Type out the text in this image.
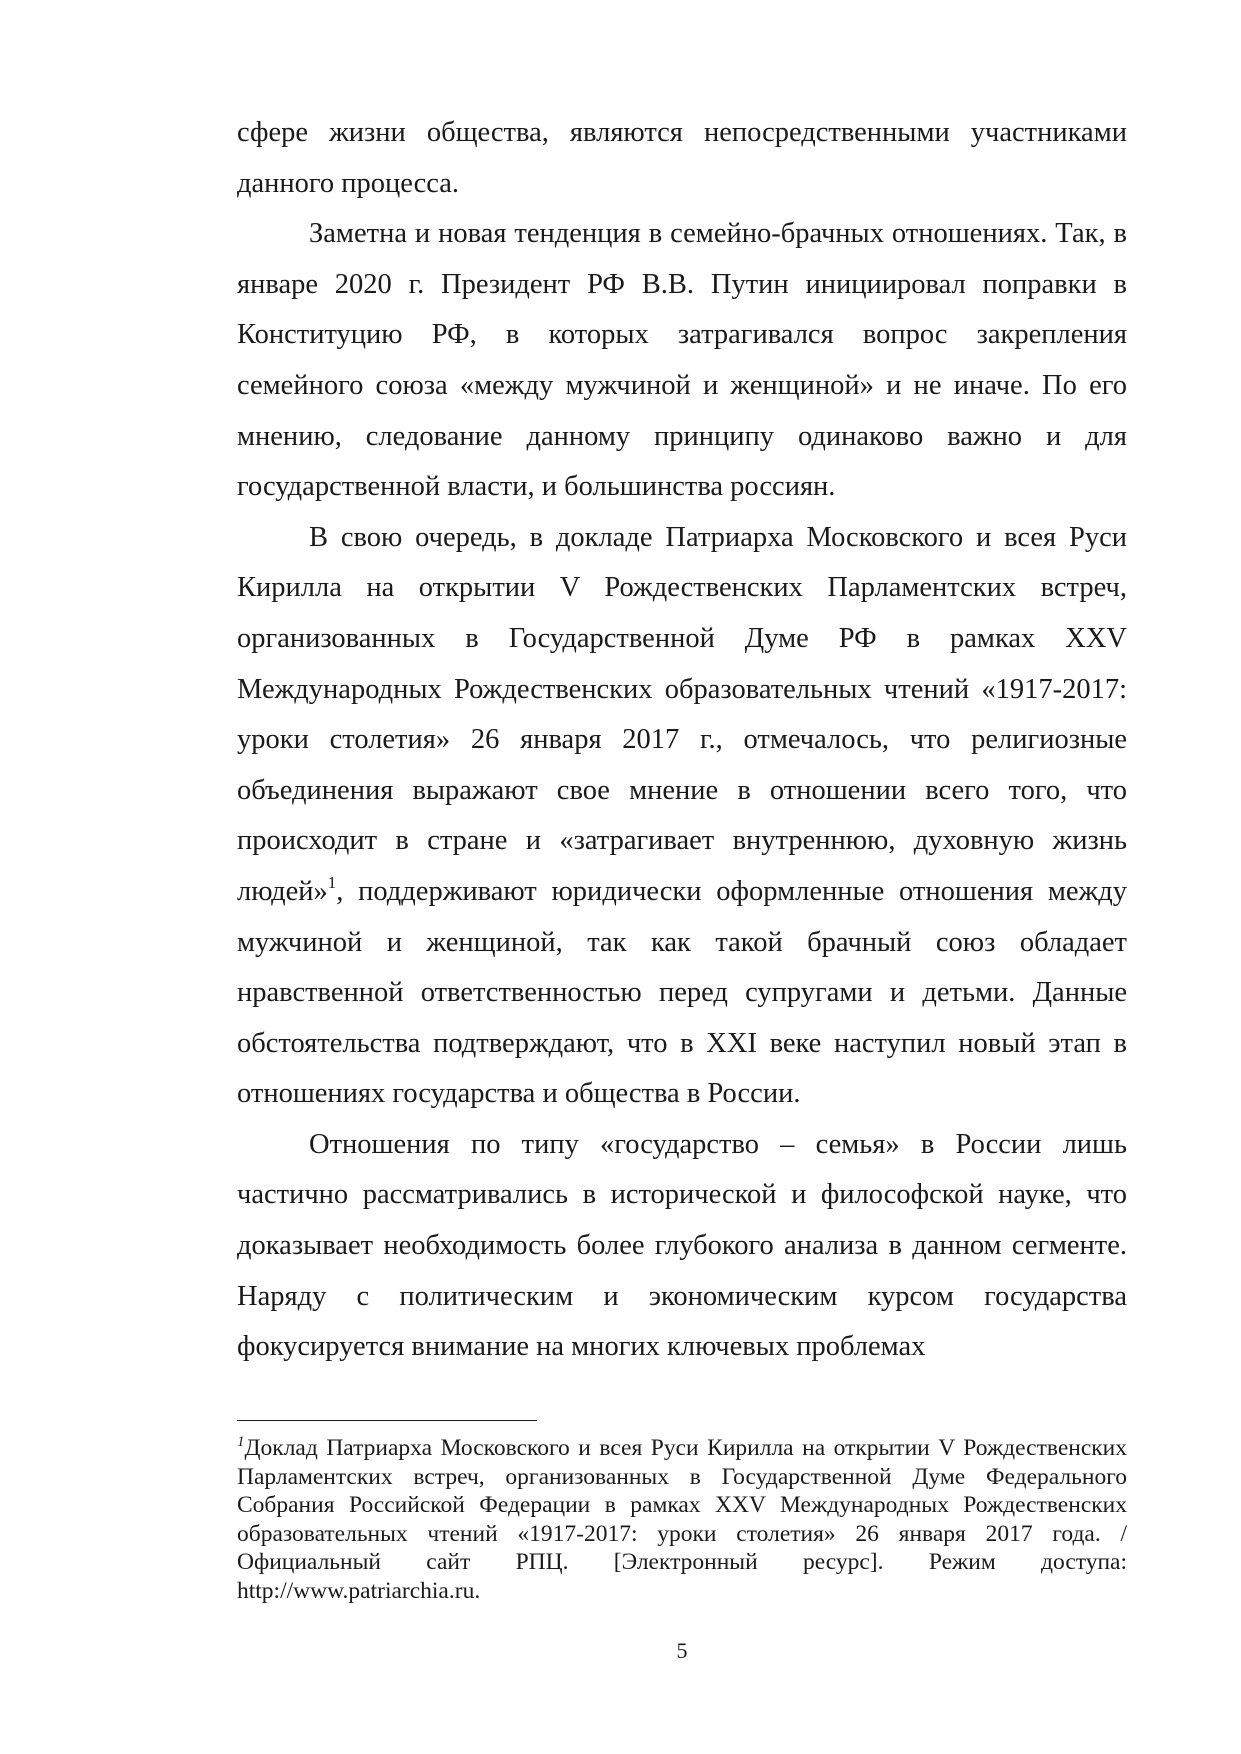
сфере жизни общества, являются непосредственными участниками данного процесса.

Заметна и новая тенденция в семейно-брачных отношениях. Так, в январе 2020 г. Президент РФ В.В. Путин инициировал поправки в Конституцию РФ, в которых затрагивался вопрос закрепления семейного союза «между мужчиной и женщиной» и не иначе. По его мнению, следование данному принципу одинаково важно и для государственной власти, и большинства россиян.

В свою очередь, в докладе Патриарха Московского и всея Руси Кирилла на открытии V Рождественских Парламентских встреч, организованных в Государственной Думе РФ в рамках XXV Международных Рождественских образовательных чтений «1917-2017: уроки столетия» 26 января 2017 г., отмечалось, что религиозные объединения выражают свое мнение в отношении всего того, что происходит в стране и «затрагивает внутреннюю, духовную жизнь людей»$^1$, поддерживают юридически оформленные отношения между мужчиной и женщиной, так как такой брачный союз обладает нравственной ответственностью перед супругами и детьми. Данные обстоятельства подтверждают, что в XXI веке наступил новый этап в отношениях государства и общества в России.

Отношения по типу «государство – семья» в России лишь частично рассматривались в исторической и философской науке, что доказывает необходимость более глубокого анализа в данном сегменте. Наряду с политическим и экономическим курсом государства фокусируется внимание на многих ключевых проблемах

$^1$Доклад Патриарха Московского и всея Руси Кирилла на открытии V Рождественских Парламентских встреч, организованных в Государственной Думе Федерального Собрания Российской Федерации в рамках XXV Международных Рождественских образовательных чтений «1917-2017: уроки столетия» 26 января 2017 года. / Официальный сайт РПЦ. [Электронный ресурс]. Режим доступа: http://www.patriarchia.ru.
5
